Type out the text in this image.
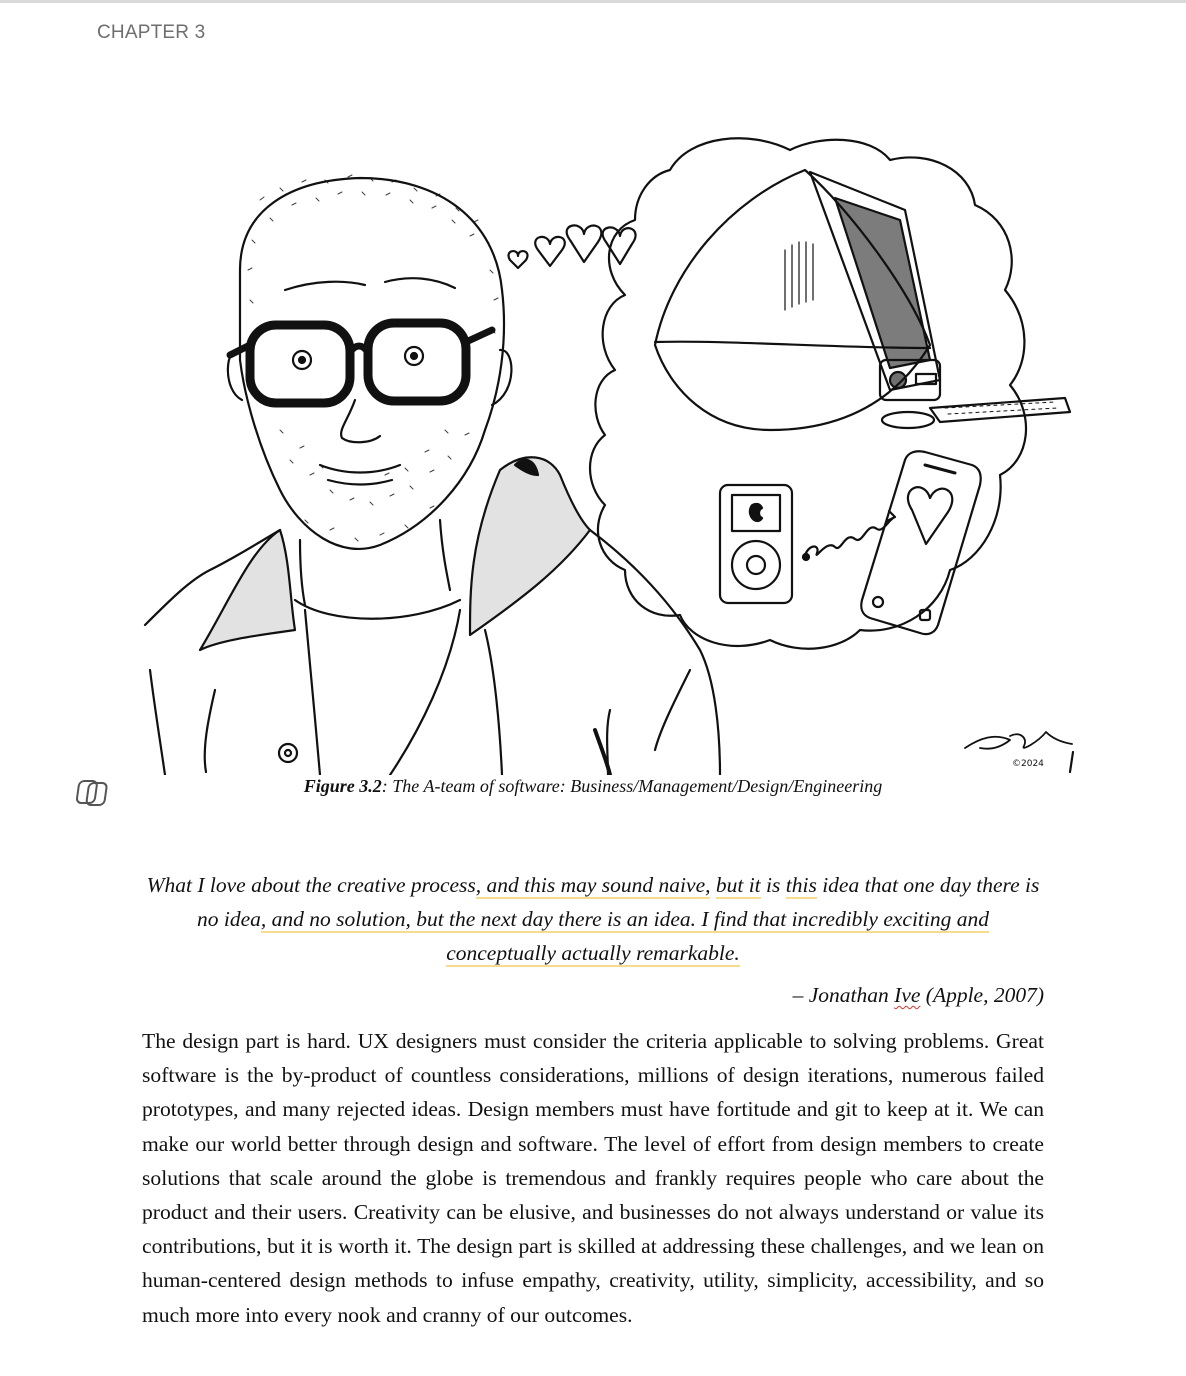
CHAPTER 3
©2024
Figure 3.2: The A-team of software: Business/Management/Design/Engineering
What I love about the creative process, and this may sound naive, but it is this idea that one day there is no idea, and no solution, but the next day there is an idea. I find that incredibly exciting and conceptually actually remarkable.
– Jonathan Ive (Apple, 2007)

The design part is hard. UX designers must consider the criteria applicable to solving problems. Great software is the by-product of countless considerations, millions of design iterations, numerous failed prototypes, and many rejected ideas. Design members must have fortitude and git to keep at it. We can make our world better through design and software. The level of effort from design members to create solutions that scale around the globe is tremendous and frankly requires people who care about the product and their users. Creativity can be elusive, and businesses do not always understand or value its contributions, but it is worth it. The design part is skilled at addressing these challenges, and we lean on human-centered design methods to infuse empathy, creativity, utility, simplicity, accessibility, and so much more into every nook and cranny of our outcomes.
